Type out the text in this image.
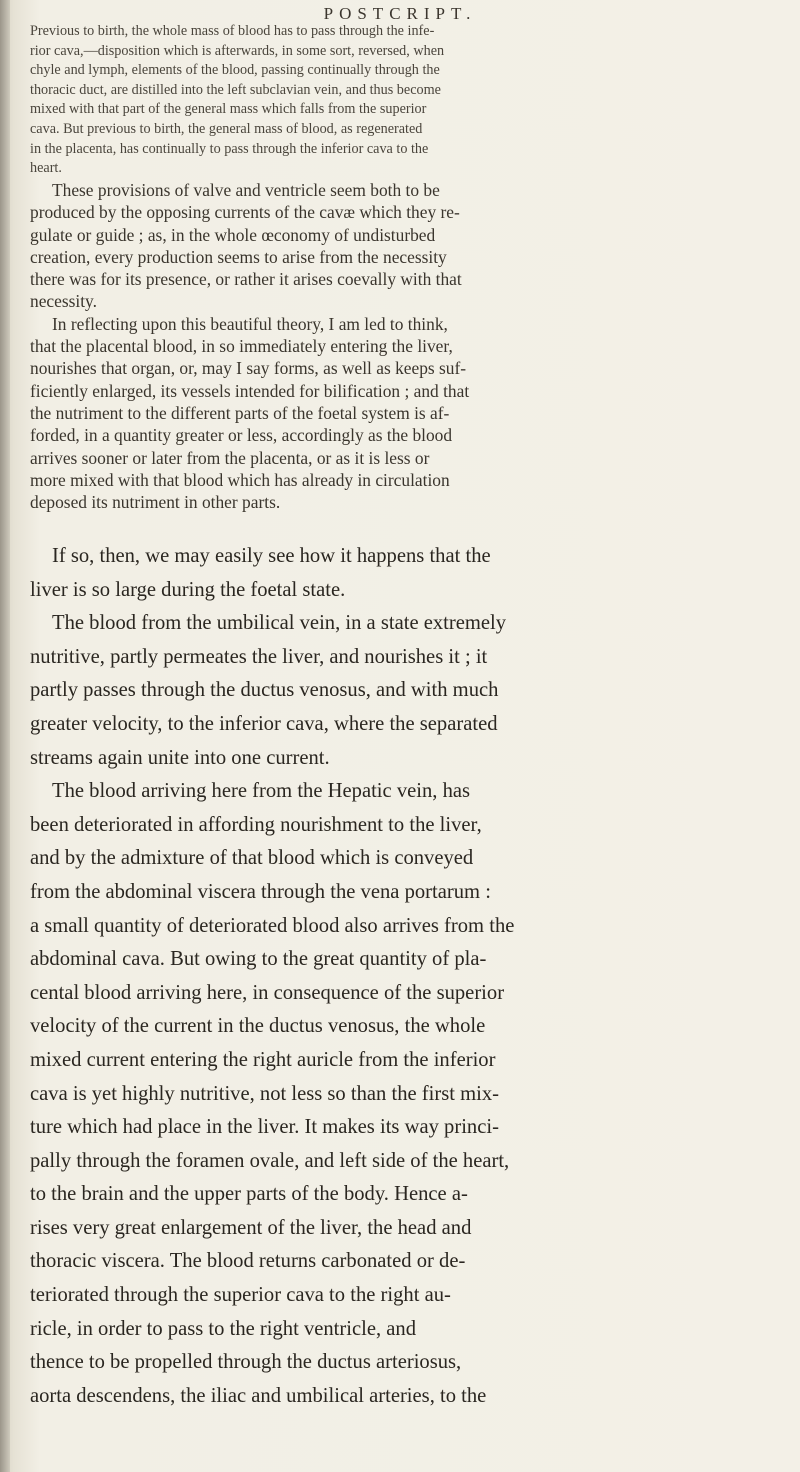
POSTCRIPT.
Previous to birth, the whole mass of blood has to pass through the infe-
rior cava,—disposition which is afterwards, in some sort, reversed, when
chyle and lymph, elements of the blood, passing continually through the
thoracic duct, are distilled into the left subclavian vein, and thus become
mixed with that part of the general mass which falls from the superior
cava. But previous to birth, the general mass of blood, as regenerated
in the placenta, has continually to pass through the inferior cava to the
heart.
These provisions of valve and ventricle seem both to be
produced by the opposing currents of the cavæ which they re-
gulate or guide ; as, in the whole œconomy of undisturbed
creation, every production seems to arise from the necessity
there was for its presence, or rather it arises coevally with that
necessity.
In reflecting upon this beautiful theory, I am led to think,
that the placental blood, in so immediately entering the liver,
nourishes that organ, or, may I say forms, as well as keeps suf-
ficiently enlarged, its vessels intended for bilification ; and that
the nutriment to the different parts of the foetal system is af-
forded, in a quantity greater or less, accordingly as the blood
arrives sooner or later from the placenta, or as it is less or
more mixed with that blood which has already in circulation
deposed its nutriment in other parts.
If so, then, we may easily see how it happens that the
liver is so large during the foetal state.
The blood from the umbilical vein, in a state extremely
nutritive, partly permeates the liver, and nourishes it ; it
partly passes through the ductus venosus, and with much
greater velocity, to the inferior cava, where the separated
streams again unite into one current.
The blood arriving here from the Hepatic vein, has
been deteriorated in affording nourishment to the liver,
and by the admixture of that blood which is conveyed
from the abdominal viscera through the vena portarum :
a small quantity of deteriorated blood also arrives from the
abdominal cava. But owing to the great quantity of pla-
cental blood arriving here, in consequence of the superior
velocity of the current in the ductus venosus, the whole
mixed current entering the right auricle from the inferior
cava is yet highly nutritive, not less so than the first mix-
ture which had place in the liver. It makes its way princi-
pally through the foramen ovale, and left side of the heart,
to the brain and the upper parts of the body. Hence a-
rises very great enlargement of the liver, the head and
thoracic viscera. The blood returns carbonated or de-
teriorated through the superior cava to the right au-
ricle, in order to pass to the right ventricle, and
thence to be propelled through the ductus arteriosus,
aorta descendens, the iliac and umbilical arteries, to the
